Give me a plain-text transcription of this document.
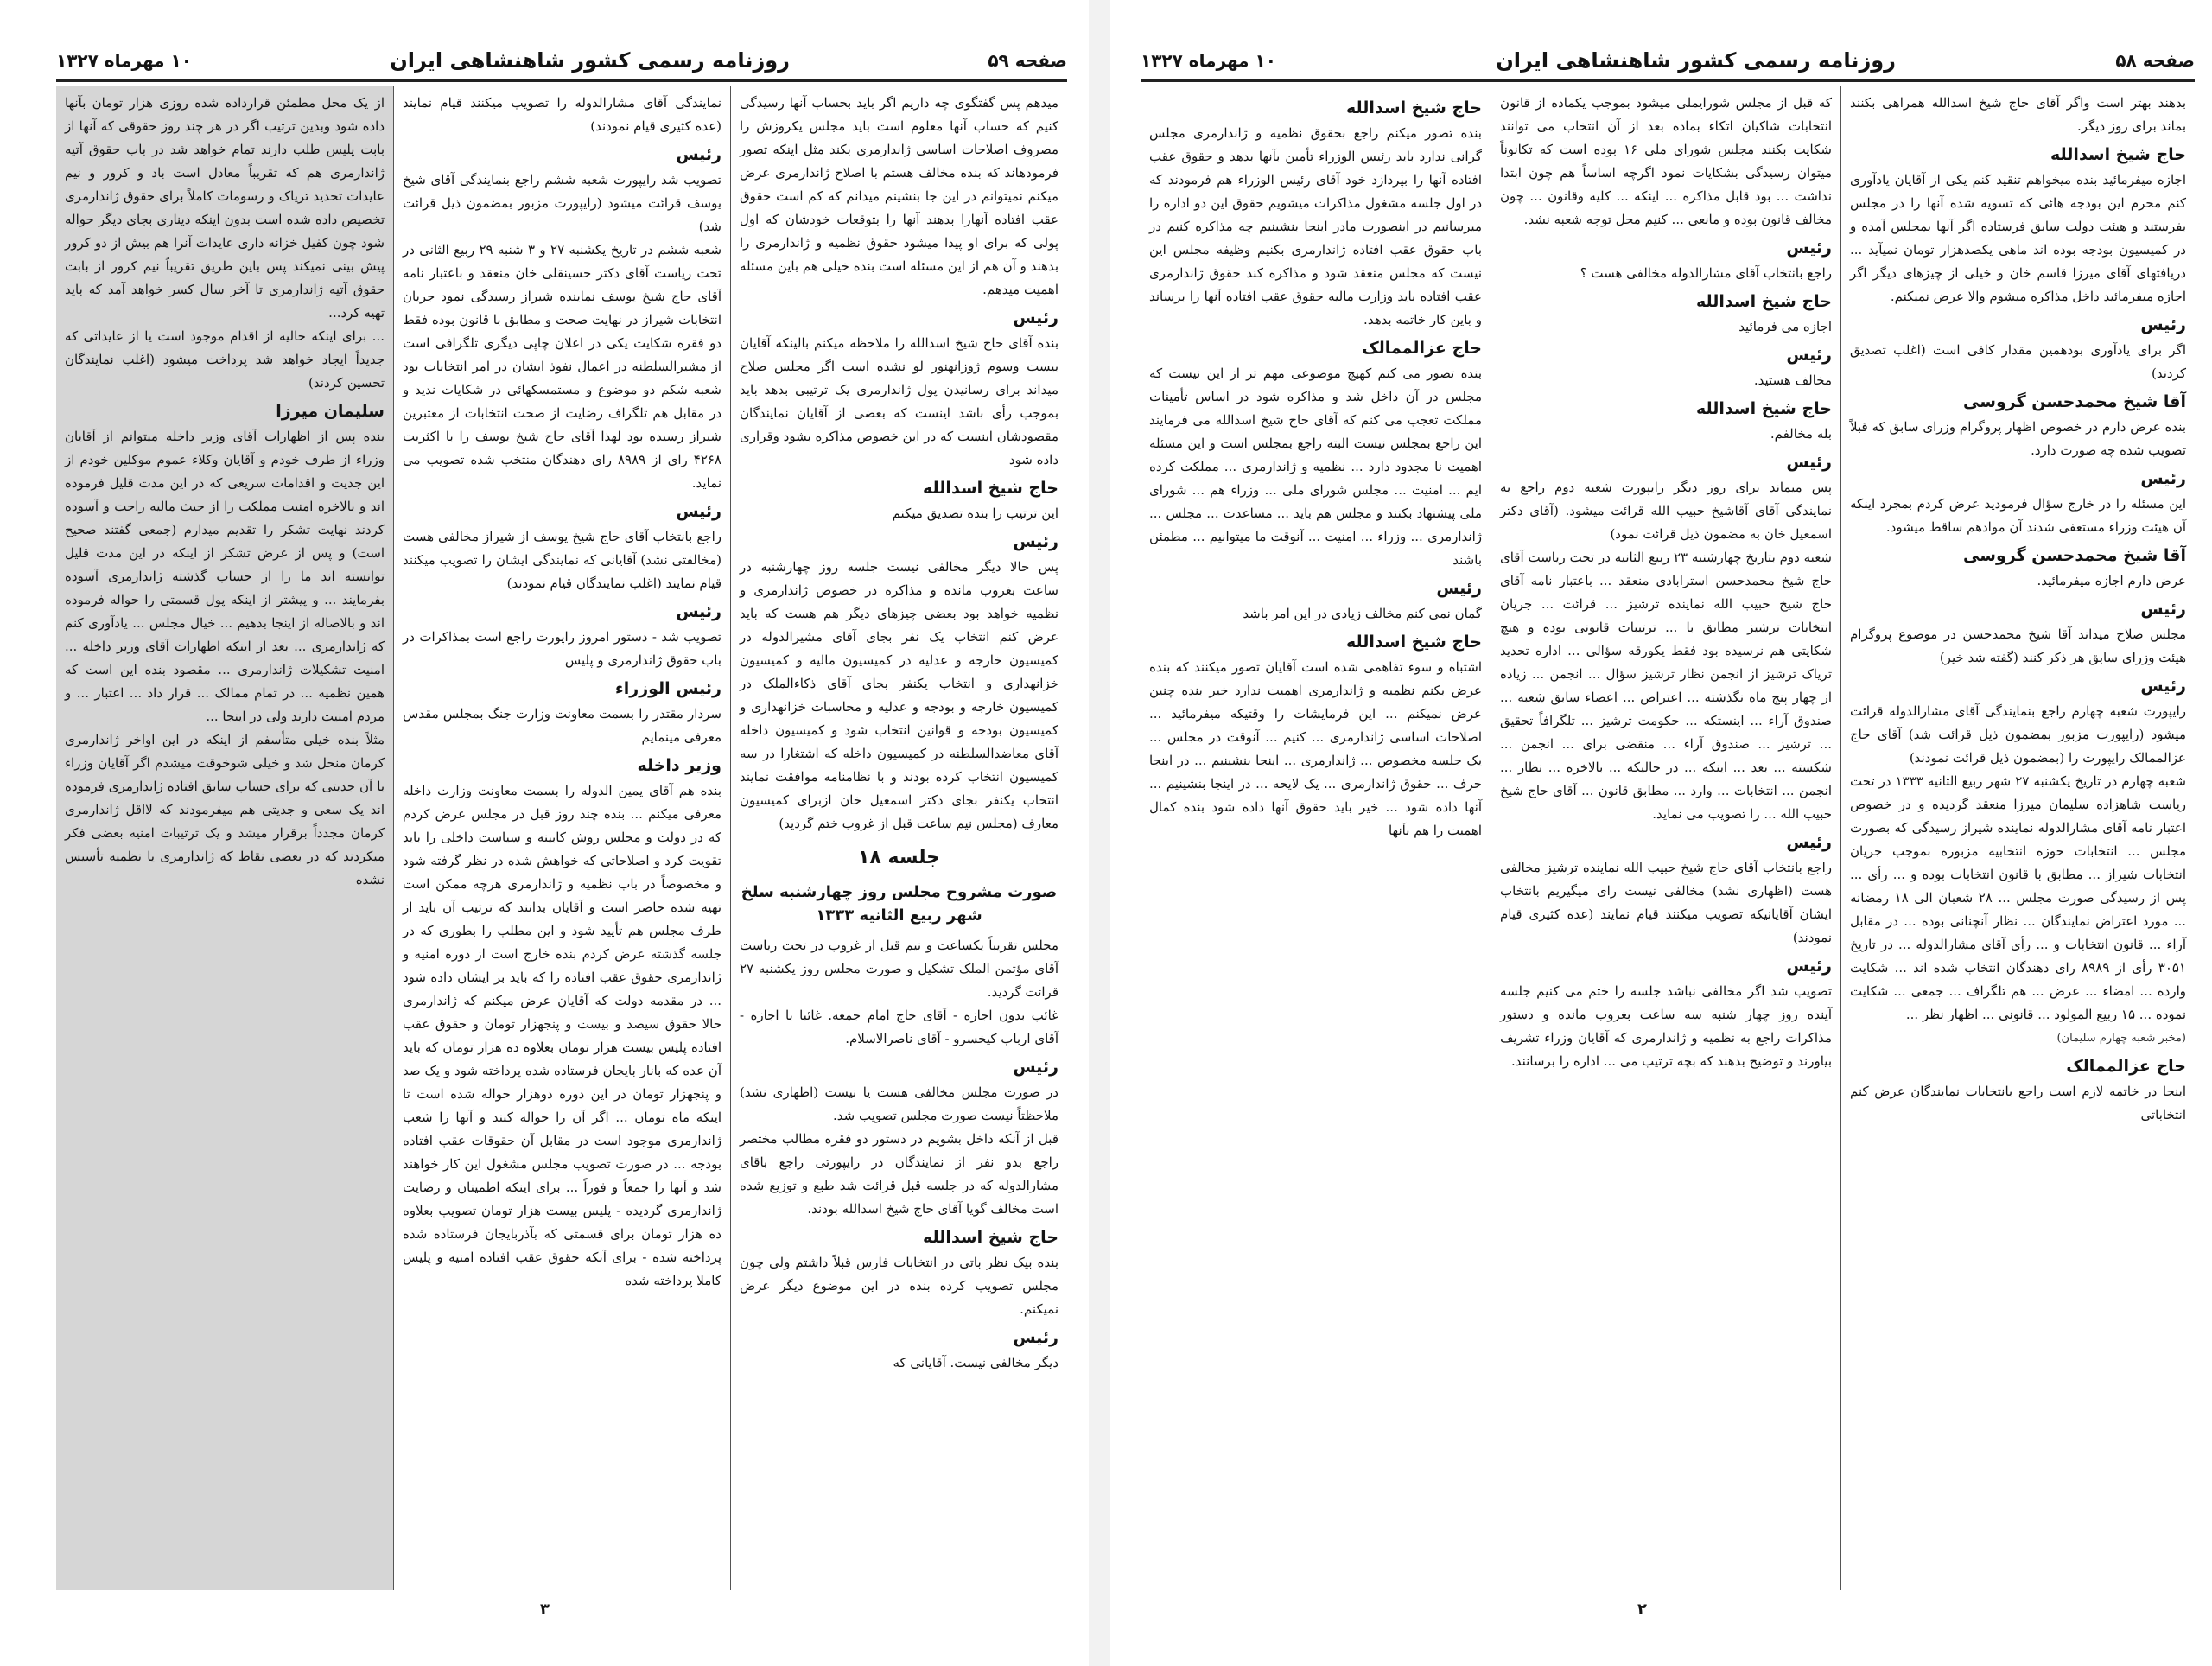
صفحه ۵۹
روزنامه رسمی کشور شاهنشاهی ایران
۱۰ مهرماه ۱۳۲۷

میدهم پس گفتگوی چه داریم اگر باید بحساب آنها رسیدگی کنیم که حساب آنها معلوم است باید مجلس یکروزش را مصروف اصلاحات اساسی ژاندارمری بکند مثل اینکه تصور فرمودهاند که بنده مخالف هستم با اصلاح ژاندارمری عرض میکنم نمیتوانم در این جا بنشینم میدانم که کم است حقوق عقب افتاده آنهارا بدهند آنها را بتوقعات خودشان که اول پولی که برای او پیدا میشود حقوق نظمیه و ژاندارمری را بدهند و آن هم از این مسئله است بنده خیلی هم باین مسئله اهمیت میدهم.

رئیس

بنده آقای حاج شیخ اسدالله را ملاحظه میکنم بالینکه آقایان بیست وسوم ژوزانهنور لو نشده است اگر مجلس صلاح میداند برای رسانیدن پول ژاندارمری یک ترتیبی بدهد باید بموجب رأی باشد اینست که بعضی از آقایان نمایندگان مقصودشان اینست که در این خصوص مذاکره بشود وقراری داده شود

حاج شیخ اسدالله

این ترتیب را بنده تصدیق میکنم

رئیس

پس حالا دیگر مخالفی نیست جلسه روز چهارشنبه در ساعت بغروب مانده و مذاکره در خصوص ژاندارمری و نظمیه خواهد بود بعضی چیزهای دیگر هم هست که باید عرض کنم انتخاب یک نفر بجای آقای مشیرالدوله در کمیسیون خارجه و عدلیه در کمیسیون مالیه و کمیسیون خزانهداری و انتخاب یکنفر بجای آقای ذکاءالملک در کمیسیون خارجه و بودجه و عدلیه و محاسبات خزانهداری و کمیسیون بودجه و قوانین انتخاب شود و کمیسیون داخله آقای معاضدالسلطنه در کمیسیون داخله که اشتغارا در سه کمیسیون انتخاب کرده بودند و با نظامنامه موافقت نمایند انتخاب یکنفر بجای دکتر اسمعیل خان ازبرای کمیسیون معارف (مجلس نیم ساعت قبل از غروب ختم گردید)

جلسه ۱۸
صورت مشروح مجلس روز چهارشنبه سلخ شهر ربیع الثانیه ۱۳۳۳

مجلس تقریباً یکساعت و نیم قبل از غروب در تحت ریاست آقای مؤتمن الملک تشکیل و صورت مجلس روز یکشنبه ۲۷ قرائت گردید.

غائب بدون اجازه - آقای حاج امام جمعه. غائبا با اجازه - آقای ارباب کیخسرو - آقای ناصرالاسلام.

رئیس

در صورت مجلس مخالفی هست یا نیست (اظهاری نشد) ملاحظتاً نیست صورت مجلس تصویب شد.

قبل از آنکه داخل بشویم در دستور دو فقره مطالب مختصر راجع بدو نفر از نمایندگان در رایپورتی راجع باقای مشارالدوله که در جلسه قبل قرائت شد طبع و توزیع شده است مخالف گویا آقای حاج شیخ اسدالله بودند.

حاج شیخ اسدالله

بنده بیک نظر باتی در انتخابات فارس قبلاً داشتم ولی چون مجلس تصویب کرده بنده در این موضوع دیگر عرض نمیکنم.

رئیس

دیگر مخالفی نیست. آقایانی که

نمایندگی آقای مشارالدوله را تصویب میکنند قیام نمایند (عده کثیری قیام نمودند)

رئیس

تصویب شد رایپورت شعبه ششم راجع بنمایندگی آقای شیخ یوسف قرائت میشود (رایپورت مزبور بمضمون ذیل قرائت شد)

شعبه ششم در تاریخ یکشنبه ۲۷ و ۳ شنبه ۲۹ ربیع الثانی در تحت ریاست آقای دکتر حسینقلی خان منعقد و باعتبار نامه آقای حاج شیخ یوسف نماینده شیراز رسیدگی نمود جریان انتخابات شیراز در نهایت صحت و مطابق با قانون بوده فقط دو فقره شکایت یکی در اعلان چاپی دیگری تلگرافی است از مشیرالسلطنه در اعمال نفوذ ایشان در امر انتخابات بود شعبه شکم دو موضوع و مستمسکهائی در شکایات ندید و در مقابل هم تلگراف رضایت از صحت انتخابات از معتبرین شیراز رسیده بود لهذا آقای حاج شیخ یوسف را با اکثریت ۴۲۶۸ رای از ۸۹۸۹ رای دهندگان منتخب شده تصویب می نماید.

رئیس

راجع بانتخاب آقای حاج شیخ یوسف از شیراز مخالفی هست (مخالفتی نشد) آقایانی که نمایندگی ایشان را تصویب میکنند قیام نمایند (اغلب نمایندگان قیام نمودند)

رئیس

تصویب شد - دستور امروز راپورت راجع است بمذاکرات در باب حقوق ژاندارمری و پلیس

رئیس الوزراء

سردار مقتدر را بسمت معاونت وزارت جنگ بمجلس مقدس معرفی مینمایم

وزیر داخله

بنده هم آقای یمین الدوله را بسمت معاونت وزارت داخله معرفی میکنم ... بنده چند روز قبل در مجلس عرض کردم که در دولت و مجلس روش کابینه و سیاست داخلی را باید تقویت کرد و اصلاحاتی که خواهش شده در نظر گرفته شود و مخصوصاً در باب نظمیه و ژاندارمری هرچه ممکن است تهیه شده حاضر است و آقایان بدانند که ترتیب آن باید از طرف مجلس هم تأیید شود و این مطلب را بطوری که در جلسه گذشته عرض کردم بنده خارج است از دوره امنیه و ژاندارمری حقوق عقب افتاده را که باید بر ایشان داده شود ... در مقدمه دولت که آقایان عرض میکنم که ژاندارمری حالا حقوق سیصد و بیست و پنجهزار تومان و حقوق عقب افتاده پلیس بیست هزار تومان بعلاوه ده هزار تومان که باید آن عده که بانار بایجان فرستاده شده پرداخته شود و یک صد و پنجهزار تومان در این دوره دوهزار حواله شده است تا اینکه ماه تومان ... اگر آن را حواله کنند و آنها را شعب ژاندارمری موجود است در مقابل آن حقوقات عقب افتاده بودجه ... در صورت تصویب مجلس مشغول این کار خواهند شد و آنها را جمعاً و فوراً ... برای اینکه اطمینان و رضایت ژاندارمری گردیده - پلیس بیست هزار تومان تصویب بعلاوه ده هزار تومان برای قسمتی که بآذربایجان فرستاده شده پرداخته شده - برای آنکه حقوق عقب افتاده امنیه و پلیس کاملا پرداخته شده

از یک محل مطمئن قرارداده شده روزی هزار تومان بآنها داده شود وبدین ترتیب اگر در هر چند روز حقوقی که آنها از بابت پلیس طلب دارند تمام خواهد شد در باب حقوق آتیه ژاندارمری هم که تقریباً معادل است باد و کرور و نیم عایدات تحدید تریاک و رسومات کاملاً برای حقوق ژاندارمری تخصیص داده شده است بدون اینکه دیناری بجای دیگر حواله شود چون کفیل خزانه داری عایدات آنرا هم بیش از دو کرور پیش بینی نمیکند پس باین طریق تقریباً نیم کرور از بابت حقوق آتیه ژاندارمری تا آخر سال کسر خواهد آمد که باید تهیه کرد...

... برای اینکه حالیه از اقدام موجود است یا از عایداتی که جدیداً ایجاد خواهد شد پرداخت میشود (اغلب نمایندگان تحسین کردند)

سلیمان میرزا

بنده پس از اظهارات آقای وزیر داخله میتوانم از آقایان وزراء از طرف خودم و آقایان وکلاء عموم موکلین خودم از این جدیت و اقدامات سریعی که در این مدت قلیل فرموده اند و بالاخره امنیت مملکت را از حیث مالیه راحت و آسوده کردند نهایت تشکر را تقدیم میدارم (جمعی گفتند صحیح است) و پس از عرض تشکر از اینکه در این مدت قلیل توانسته اند ما را از حساب گذشته ژاندارمری آسوده بفرمایند ... و پیشتر از اینکه پول قسمتی را حواله فرموده اند و بالاصاله از اینجا بدهیم ... خیال مجلس ... یادآوری کنم که ژاندارمری ... بعد از اینکه اظهارات آقای وزیر داخله ... امنیت تشکیلات ژاندارمری ... مقصود بنده این است که همین نظمیه ... در تمام ممالک ... قرار داد ... اعتبار ... و مردم امنیت دارند ولی در اینجا ...

مثلاً بنده خیلی متأسفم از اینکه در این اواخر ژاندارمری کرمان منحل شد و خیلی شوخوقت میشدم اگر آقایان وزراء با آن جدیتی که برای حساب سابق افتاده ژاندارمری فرموده اند یک سعی و جدیتی هم میفرمودند که لااقل ژاندارمری کرمان مجدداً برقرار میشد و یک ترتیبات امنیه بعضی فکر میکردند که در بعضی نقاط که ژاندارمری یا نظمیه تأسیس نشده

۳
صفحه ۵۸
روزنامه رسمی کشور شاهنشاهی ایران
۱۰ مهرماه ۱۳۲۷

بدهند بهتر است واگر آقای حاج شیخ اسدالله همراهی بکنند بماند برای روز دیگر.

حاج شیخ اسدالله

اجازه میفرمائید بنده میخواهم تنقید کنم یکی از آقایان یادآوری کنم محرم این بودجه هائی که تسویه شده آنها را در مجلس بفرستند و هیئت دولت سابق فرستاده اگر آنها بمجلس آمده و در کمیسیون بودجه بوده اند ماهی یکصدهزار تومان نمیآید ... دریافتهای آقای میرزا قاسم خان و خیلی از چیزهای دیگر اگر اجازه میفرمائید داخل مذاکره میشوم والا عرض نمیکنم.

رئیس

اگر برای یادآوری بودهمین مقدار کافی است (اغلب تصدیق کردند)

آقا شیخ محمدحسن گروسی

بنده عرض دارم در خصوص اظهار پروگرام وزرای سابق که قبلاً تصویب شده چه صورت دارد.

رئیس

این مسئله را در خارج سؤال فرمودید عرض کردم بمجرد اینکه آن هیئت وزراء مستعفی شدند آن موادهم ساقط میشود.

آقا شیخ محمدحسن گروسی

عرض دارم اجازه میفرمائید.

رئیس

مجلس صلاح میداند آقا شیخ محمدحسن در موضوع پروگرام هیئت وزرای سابق هر ذکر کنند (گفته شد خیر)

رئیس

رایپورت شعبه چهارم راجع بنمایندگی آقای مشارالدوله قرائت میشود (رایپورت مزبور بمضمون ذیل قرائت شد) آقای حاج عزالممالک رایپورت را (بمضمون ذیل قرائت نمودند)

شعبه چهارم در تاریخ یکشنبه ۲۷ شهر ربیع الثانیه ۱۳۳۳ در تحت ریاست شاهزاده سلیمان میرزا منعقد گردیده و در خصوص اعتبار نامه آقای مشارالدوله نماینده شیراز رسیدگی که بصورت مجلس ... انتخابات حوزه انتخابیه مزبوره بموجب جریان انتخابات شیراز ... مطابق با قانون انتخابات بوده و ... رأی ... پس از رسیدگی صورت مجلس ... ۲۸ شعبان الی ۱۸ رمضانه ... مورد اعتراض نمایندگان ... نظار آنچنانی بوده ... در مقابل آراء ... قانون انتخابات و ... رأی آقای مشارالدوله ... در تاریخ ۳۰۵۱ رأی از ۸۹۸۹ رای دهندگان انتخاب شده اند ... شکایت وارده ... امضاء ... عرض ... هم تلگراف ... جمعی ... شکایت نموده ... ۱۵ ربیع المولود ... قانونی ... اظهار نظر ...

(مخبر شعبه چهارم سلیمان)

حاج عزالممالک

اینجا در خاتمه لازم است راجع بانتخابات نمایندگان عرض کنم انتخاباتی

که قبل از مجلس شورایملی میشود بموجب یکماده از قانون انتخابات شاکیان اتکاء بماده بعد از آن انتخاب می توانند شکایت بکنند مجلس شورای ملی ۱۶ بوده است که تکانوناً میتوان رسیدگی بشکایات نمود اگرچه اساساً هم چون ابتدا نداشت ... بود قابل مذاکره ... اینکه ... کلیه وقانون ... چون مخالف قانون بوده و مانعی ... کنیم محل توجه شعبه نشد.

رئیس

راجع بانتخاب آقای مشارالدوله مخالفی هست ؟

حاج شیخ اسدالله

اجازه می فرمائید

رئیس

مخالف هستید.

حاج شیخ اسدالله

بله مخالفم.

رئیس

پس میماند برای روز دیگر رایپورت شعبه دوم راجع به نمایندگی آقای آقاشیخ حبیب الله قرائت میشود. (آقای دکتر اسمعیل خان به مضمون ذیل قرائت نمود)

شعبه دوم بتاریخ چهارشنبه ۲۳ ربیع الثانیه در تحت ریاست آقای حاج شیخ محمدحسن استرابادی منعقد ... باعتبار نامه آقای حاج شیخ حبیب الله نماینده ترشیز ... قرائت ... جریان انتخابات ترشیز مطابق با ... ترتیبات قانونی بوده و هیچ شکایتی هم نرسیده بود فقط یکورقه سؤالی ... اداره تحدید تریاک ترشیز از انجمن نظار ترشیز سؤال ... انجمن ... زیاده از چهار پنج ماه نگذشته ... اعتراض ... اعضاء سابق شعبه ... صندوق آراء ... اینستکه ... حکومت ترشیز ... تلگرافاً تحقیق ... ترشیز ... صندوق آراء ... منقضی برای ... انجمن ... شکسته ... بعد ... اینکه ... در حالیکه ... بالاخره ... نظار ... انجمن ... انتخابات ... وارد ... مطابق قانون ... آقای حاج شیخ حبیب الله ... را تصویب می نماید.

رئیس

راجع بانتخاب آقای حاج شیخ حبیب الله نماینده ترشیز مخالفی هست (اظهاری نشد) مخالفی نیست رای میگیریم بانتخاب ایشان آقایانیکه تصویب میکنند قیام نمایند (عده کثیری قیام نمودند)

رئیس

تصویب شد اگر مخالفی نباشد جلسه را ختم می کنیم جلسه آینده روز چهار شنبه سه ساعت بغروب مانده و دستور مذاکرات راجع به نظمیه و ژاندارمری که آقایان وزراء تشریف بیاورند و توضیح بدهند که بچه ترتیب می ... اداره را برسانند.

حاج شیخ اسدالله

بنده تصور میکنم راجع بحقوق نظمیه و ژاندارمری مجلس گرانی ندارد باید رئیس الوزراء تأمین بآنها بدهد و حقوق عقب افتاده آنها را بپردازد خود آقای رئیس الوزراء هم فرمودند که در اول جلسه مشغول مذاکرات میشویم حقوق این دو اداره را میرسانیم در اینصورت مادر اینجا بنشینیم چه مذاکره کنیم در باب حقوق عقب افتاده ژاندارمری بکنیم وظیفه مجلس این نیست که مجلس منعقد شود و مذاکره کند حقوق ژاندارمری عقب افتاده باید وزارت مالیه حقوق عقب افتاده آنها را برساند و باین کار خاتمه بدهد.

حاج عزالممالک

بنده تصور می کنم کهیچ موضوعی مهم تر از این نیست که مجلس در آن داخل شد و مذاکره شود در اساس تأمینات مملکت تعجب می کنم که آقای حاج شیخ اسدالله می فرمایند این راجع بمجلس نیست البته راجع بمجلس است و این مسئله اهمیت نا مجدود دارد ... نظمیه و ژاندارمری ... مملکت کرده ایم ... امنیت ... مجلس شورای ملی ... وزراء هم ... شورای ملی پیشنهاد بکنند و مجلس هم باید ... مساعدت ... مجلس ... ژاندارمری ... وزراء ... امنیت ... آنوقت ما میتوانیم ... مطمئن باشند

رئیس

گمان نمی کنم مخالف زیادی در این امر باشد

حاج شیخ اسدالله

اشتباه و سوء تفاهمی شده است آقایان تصور میکنند که بنده عرض بکنم نظمیه و ژاندارمری اهمیت ندارد خیر بنده چنین عرض نمیکنم ... این فرمایشات را وقتیکه میفرمائید ... اصلاحات اساسی ژاندارمری ... کنیم ... آنوقت در مجلس ... یک جلسه مخصوص ... ژاندارمری ... اینجا بنشینیم ... در اینجا حرف ... حقوق ژاندارمری ... یک لایحه ... در اینجا بنشینیم ... آنها داده شود ... خیر باید حقوق آنها داده شود بنده کمال اهمیت را هم بآنها

۲
